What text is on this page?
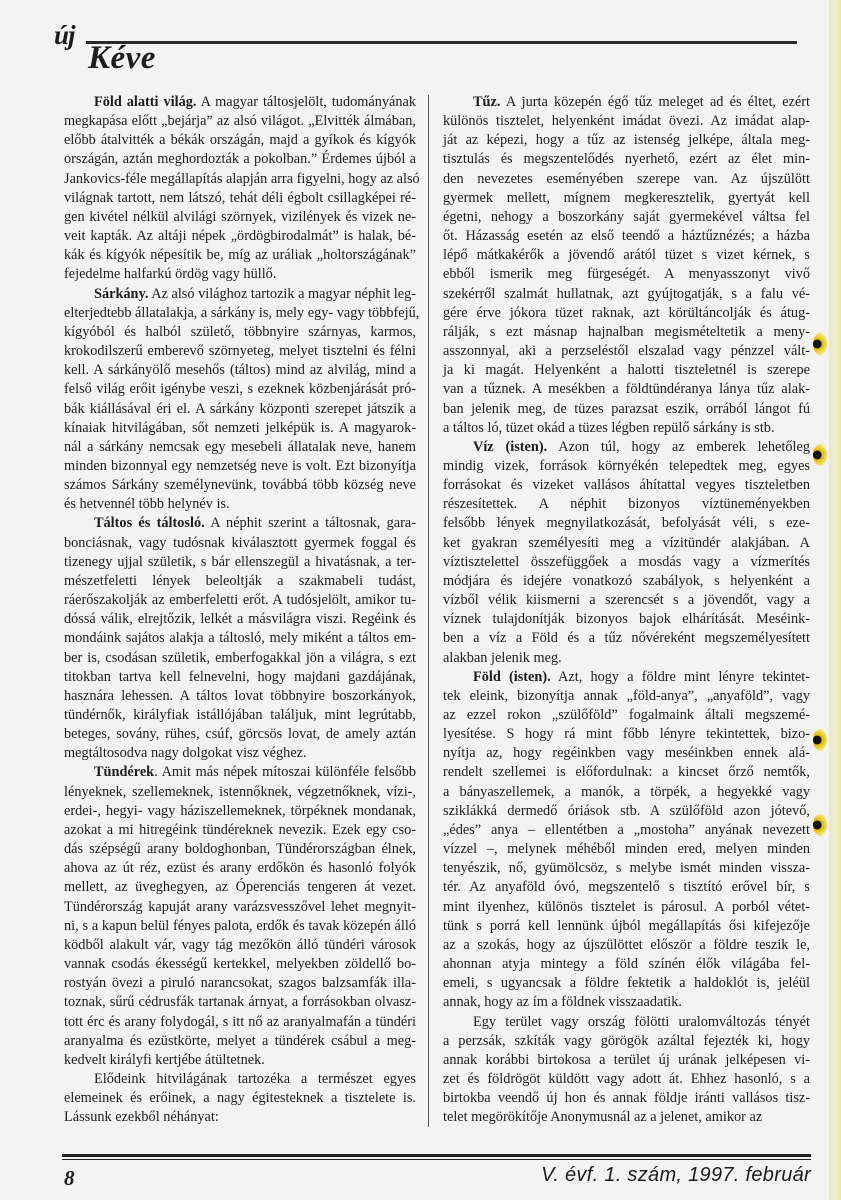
új
Kéve
Föld alatti világ. A magyar táltosjelölt, tudományának
megkapása előtt „bejárja” az alsó világot. „Elvitték álmában,
előbb átalvitték a békák országán, majd a gyíkok és kígyók
országán, aztán meghordozták a pokolban.” Érdemes újból a
Jankovics-féle megállapítás alapján arra figyelni, hogy az alsó
világnak tartott, nem látszó, tehát déli égbolt csillagképei ré-
gen kivétel nélkül alvilági szörnyek, vizilények és vizek ne-
veit kapták. Az altáji népek „ördögbirodalmát” is halak, bé-
kák és kígyók népesítik be, míg az uráliak „holtországának”
fejedelme halfarkú ördög vagy hüllő.
Sárkány. Az alsó világhoz tartozik a magyar néphit leg-
elterjedtebb állatalakja, a sárkány is, mely egy- vagy többfejű,
kígyóból és halból születő, többnyire szárnyas, karmos,
krokodilszerű emberevő szörnyeteg, melyet tisztelni és félni
kell. A sárkányölő mesehős (táltos) mind az alvilág, mind a
felső világ erőit igénybe veszi, s ezeknek közbenjárását pró-
bák kiállásával éri el. A sárkány központi szerepet játszik a
kínaiak hitvilágában, sőt nemzeti jelképük is. A magyarok-
nál a sárkány nemcsak egy mesebeli állatalak neve, hanem
minden bizonnyal egy nemzetség neve is volt. Ezt bizonyítja
számos Sárkány személynevünk, továbbá több község neve
és hetvennél több helynév is.
Táltos és táltosló. A néphit szerint a táltosnak, gara-
bonciásnak, vagy tudósnak kiválasztott gyermek foggal és
tizenegy ujjal születik, s bár ellenszegül a hivatásnak, a ter-
mészetfeletti lények beleoltják a szakmabeli tudást,
ráerőszakolják az emberfeletti erőt. A tudósjelölt, amikor tu-
dóssá válik, elrejtőzik, lelkét a másvilágra viszi. Regéink és
mondáink sajátos alakja a táltosló, mely miként a táltos em-
ber is, csodásan születik, emberfogakkal jön a világra, s ezt
titokban tartva kell felnevelni, hogy majdani gazdájának,
hasznára lehessen. A táltos lovat többnyire boszorkányok,
tündérnők, királyfiak istállójában találjuk, mint legrútabb,
beteges, sovány, rühes, csúf, görcsös lovat, de amely aztán
megtáltosodva nagy dolgokat visz véghez.
Tündérek. Amit más népek mítoszai különféle felsőbb
lényeknek, szellemeknek, istennőknek, végzetnőknek, vízi-,
erdei-, hegyi- vagy háziszellemeknek, törpéknek mondanak,
azokat a mi hitregéink tündéreknek nevezik. Ezek egy cso-
dás szépségű arany boldoghonban, Tündérországban élnek,
ahova az út réz, ezüst és arany erdőkön és hasonló folyók
mellett, az üveghegyen, az Óperenciás tengeren át vezet.
Tündérország kapuját arany varázsvesszővel lehet megnyit-
ni, s a kapun belül fényes palota, erdők és tavak közepén álló
ködből alakult vár, vagy tág mezőkön álló tündéri városok
vannak csodás ékességű kertekkel, melyekben zöldellő bo-
rostyán övezi a piruló narancsokat, szagos balzsamfák illa-
toznak, sűrű cédrusfák tartanak árnyat, a forrásokban olvasz-
tott érc és arany folydogál, s itt nő az aranyalmafán a tündéri
aranyalma és ezüstkörte, melyet a tündérek csábul a meg-
kedvelt királyfi kertjébe átültetnek.
Elődeink hitvilágának tartozéka a természet egyes
elemeinek és erőinek, a nagy égitesteknek a tisztelete is.
Lássunk ezekből néhányat:
Tűz. A jurta közepén égő tűz meleget ad és éltet, ezért
különös tisztelet, helyenként imádat övezi. Az imádat alap-
ját az képezi, hogy a tűz az istenség jelképe, általa meg-
tisztulás és megszentelődés nyerhető, ezért az élet min-
den nevezetes eseményében szerepe van. Az újszülött
gyermek mellett, mígnem megkeresztelik, gyertyát kell
égetni, nehogy a boszorkány saját gyermekével váltsa fel
őt. Házasság esetén az első teendő a háztűznézés; a házba
lépő mátkakérők a jövendő arától tüzet s vizet kérnek, s
ebből ismerik meg fürgeségét. A menyasszonyt vivő
szekérről szalmát hullatnak, azt gyújtogatják, s a falu vé-
gére érve jókora tüzet raknak, azt körültáncolják és átug-
rálják, s ezt másnap hajnalban megismételtetik a meny-
asszonnyal, aki a perzseléstől elszalad vagy pénzzel vált-
ja ki magát. Helyenként a halotti tiszteletnél is szerepe
van a tűznek. A mesékben a földtündéranya lánya tűz alak-
ban jelenik meg, de tüzes parazsat eszik, orrából lángot fú
a táltos ló, tüzet okád a tüzes légben repülő sárkány is stb.
Víz (isten). Azon túl, hogy az emberek lehetőleg
mindig vizek, források környékén telepedtek meg, egyes
forrásokat és vizeket vallásos áhítattal vegyes tiszteletben
részesítettek. A néphit bizonyos víztüneményekben
felsőbb lények megnyilatkozását, befolyását véli, s eze-
ket gyakran személyesíti meg a vízitündér alakjában. A
víztisztelettel összefüggőek a mosdás vagy a vízmerítés
módjára és idejére vonatkozó szabályok, s helyenként a
vízből vélik kiismerni a szerencsét s a jövendőt, vagy a
víznek tulajdonítják bizonyos bajok elhárítását. Meséink-
ben a víz a Föld és a tűz nővéreként megszemélyesített
alakban jelenik meg.
Föld (isten). Azt, hogy a földre mint lényre tekintet-
tek eleink, bizonyítja annak „föld-anya”, „anyaföld”, vagy
az ezzel rokon „szülőföld” fogalmaink általi megszemé-
lyesítése. S hogy rá mint főbb lényre tekintettek, bizo-
nyítja az, hogy regéinkben vagy meséinkben ennek alá-
rendelt szellemei is előfordulnak: a kincset őrző nemtők,
a bányaszellemek, a manók, a törpék, a hegyekké vagy
sziklákká dermedő óriások stb. A szülőföld azon jótevő,
„édes” anya – ellentétben a „mostoha” anyának nevezett
vízzel –, melynek méhéből minden ered, melyen minden
tenyészik, nő, gyümölcsöz, s melybe ismét minden vissza-
tér. Az anyaföld óvó, megszentelő s tisztító erővel bír, s
mint ilyenhez, különös tisztelet is párosul. A porból vétet-
tünk s porrá kell lennünk újból megállapítás ősi kifejezője
az a szokás, hogy az újszülöttet először a földre teszik le,
ahonnan atyja mintegy a föld színén élők világába fel-
emeli, s ugyancsak a földre fektetik a haldoklót is, jeléül
annak, hogy az ím a földnek visszaadatik.
Egy terület vagy ország fölötti uralomváltozás tényét
a perzsák, szkíták vagy görögök azáltal fejezték ki, hogy
annak korábbi birtokosa a terület új urának jelképesen vi-
zet és földrögöt küldött vagy adott át. Ehhez hasonló, s a
birtokba veendő új hon és annak földje iránti vallásos tisz-
telet megörökítője Anonymusnál az a jelenet, amikor az
8	V. évf. 1. szám, 1997. február
